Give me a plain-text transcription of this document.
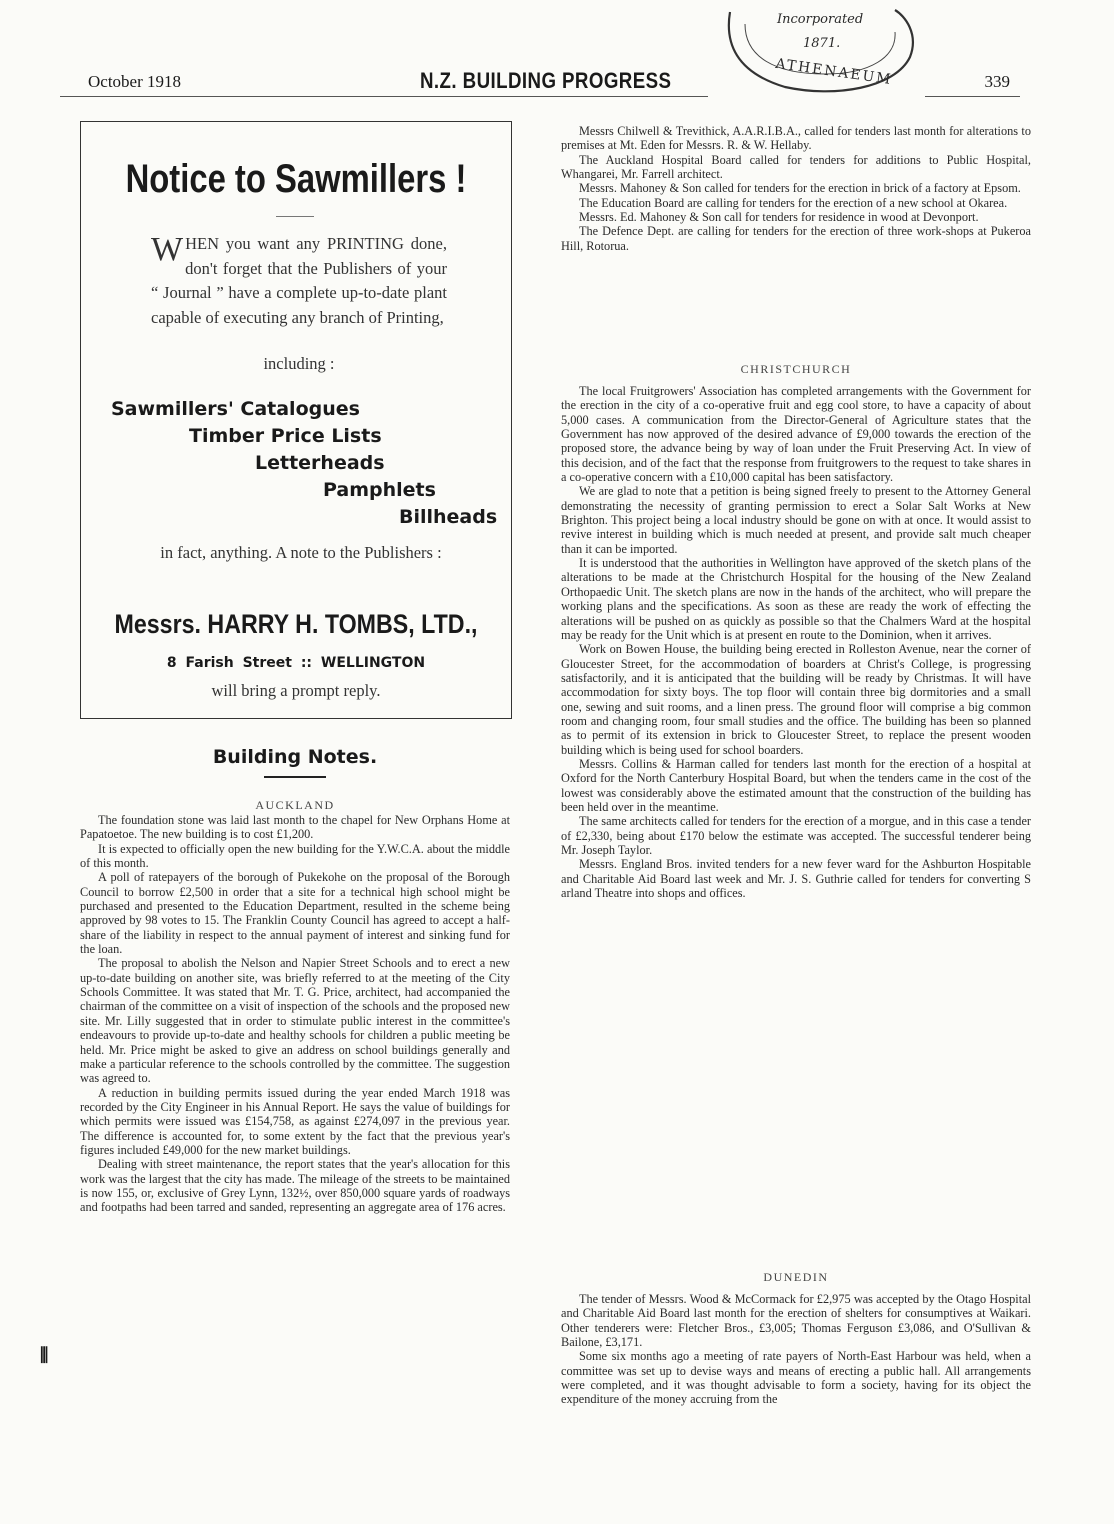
October 1918	N.Z. BUILDING PROGRESS	339
Incorporated
1871.
ATHENAEUM
Notice to Sawmillers !
WHEN you want any PRINTING done, don't forget that the Publishers of your “ Journal ” have a complete up-to-date plant capable of executing any branch of Printing,
including :
Sawmillers' Catalogues
Timber Price Lists
Letterheads
Pamphlets
Billheads
in fact, anything. A note to the Publishers :
Messrs. HARRY H. TOMBS, LTD.,
8 Farish Street :: WELLINGTON
will bring a prompt reply.
Building Notes.
AUCKLAND

The foundation stone was laid last month to the chapel for New Orphans Home at Papatoetoe. The new building is to cost £1,200.

It is expected to officially open the new building for the Y.W.C.A. about the middle of this month.

A poll of ratepayers of the borough of Pukekohe on the proposal of the Borough Council to borrow £2,500 in order that a site for a technical high school might be purchased and presented to the Education Department, resulted in the scheme being approved by 98 votes to 15. The Franklin County Council has agreed to accept a half-share of the liability in respect to the annual payment of interest and sinking fund for the loan.

The proposal to abolish the Nelson and Napier Street Schools and to erect a new up-to-date building on another site, was briefly referred to at the meeting of the City Schools Committee. It was stated that Mr. T. G. Price, architect, had accompanied the chairman of the committee on a visit of inspection of the schools and the proposed new site. Mr. Lilly suggested that in order to stimulate public interest in the committee's endeavours to provide up-to-date and healthy schools for children a public meeting be held. Mr. Price might be asked to give an address on school buildings generally and make a particular reference to the schools controlled by the committee. The suggestion was agreed to.

A reduction in building permits issued during the year ended March 1918 was recorded by the City Engineer in his Annual Report. He says the value of buildings for which permits were issued was £154,758, as against £274,097 in the previous year. The difference is accounted for, to some extent by the fact that the previous year's figures included £49,000 for the new market buildings.

Dealing with street maintenance, the report states that the year's allocation for this work was the largest that the city has made. The mileage of the streets to be maintained is now 155, or, exclusive of Grey Lynn, 132½, over 850,000 square yards of roadways and footpaths had been tarred and sanded, representing an aggregate area of 176 acres.

Messrs Chilwell & Trevithick, A.A.R.I.B.A., called for tenders last month for alterations to premises at Mt. Eden for Messrs. R. & W. Hellaby.

The Auckland Hospital Board called for tenders for additions to Public Hospital, Whangarei, Mr. Farrell architect.

Messrs. Mahoney & Son called for tenders for the erection in brick of a factory at Epsom.

The Education Board are calling for tenders for the erection of a new school at Okarea.

Messrs. Ed. Mahoney & Son call for tenders for residence in wood at Devonport.

The Defence Dept. are calling for tenders for the erection of three work-shops at Pukeroa Hill, Rotorua.

CHRISTCHURCH

The local Fruitgrowers' Association has completed arrangements with the Government for the erection in the city of a co-operative fruit and egg cool store, to have a capacity of about 5,000 cases. A communication from the Director-General of Agriculture states that the Government has now approved of the desired advance of £9,000 towards the erection of the proposed store, the advance being by way of loan under the Fruit Preserving Act. In view of this decision, and of the fact that the response from fruitgrowers to the request to take shares in a co-operative concern with a £10,000 capital has been satisfactory.

We are glad to note that a petition is being signed freely to present to the Attorney General demonstrating the necessity of granting permission to erect a Solar Salt Works at New Brighton. This project being a local industry should be gone on with at once. It would assist to revive interest in building which is much needed at present, and provide salt much cheaper than it can be imported.

It is understood that the authorities in Wellington have approved of the sketch plans of the alterations to be made at the Christchurch Hospital for the housing of the New Zealand Orthopaedic Unit. The sketch plans are now in the hands of the architect, who will prepare the working plans and the specifications. As soon as these are ready the work of effecting the alterations will be pushed on as quickly as possible so that the Chalmers Ward at the hospital may be ready for the Unit which is at present en route to the Dominion, when it arrives.

Work on Bowen House, the building being erected in Rolleston Avenue, near the corner of Gloucester Street, for the accommodation of boarders at Christ's College, is progressing satisfactorily, and it is anticipated that the building will be ready by Christmas. It will have accommodation for sixty boys. The top floor will contain three big dormitories and a small one, sewing and suit rooms, and a linen press. The ground floor will comprise a big common room and changing room, four small studies and the office. The building has been so planned as to permit of its extension in brick to Gloucester Street, to replace the present wooden building which is being used for school boarders.

Messrs. Collins & Harman called for tenders last month for the erection of a hospital at Oxford for the North Canterbury Hospital Board, but when the tenders came in the cost of the lowest was considerably above the estimated amount that the construction of the building has been held over in the meantime.

The same architects called for tenders for the erection of a morgue, and in this case a tender of £2,330, being about £170 below the estimate was accepted. The successful tenderer being Mr. Joseph Taylor.

Messrs. England Bros. invited tenders for a new fever ward for the Ashburton Hospitable and Charitable Aid Board last week and Mr. J. S. Guthrie called for tenders for converting S arland Theatre into shops and offices.

DUNEDIN

The tender of Messrs. Wood & McCormack for £2,975 was accepted by the Otago Hospital and Charitable Aid Board last month for the erection of shelters for consumptives at Waikari. Other tenderers were: Fletcher Bros., £3,005; Thomas Ferguson £3,086, and O'Sullivan & Bailone, £3,171.

Some six months ago a meeting of rate payers of North-East Harbour was held, when a committee was set up to devise ways and means of erecting a public hall. All arrangements were completed, and it was thought advisable to form a society, having for its object the expenditure of the money accruing from the

⫼
